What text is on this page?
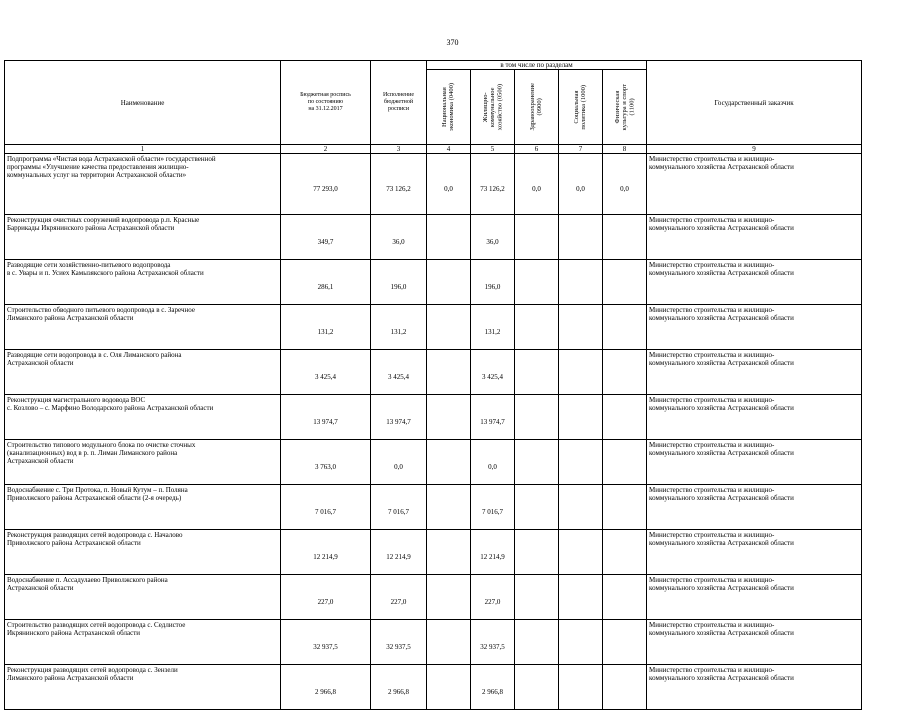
370
Наименование	Бюджетная роспись
по состоянию
на 31.12.2017	Исполнение
бюджетной
росписи	в том числе по разделам					Государственный заказчик

			Национальная
экономика (0400)	Жилищно-
коммунальное
хозяйство (0500)	Здравоохранение
(0900)	Социальная
политика (1000)	Физическая
культура и спорт
(1100)	

1	2	3	4	5	6	7	8	9
Подпрограмма «Чистая вода Астраханской области» государственной
программы «Улучшение качества предоставления жилищно-
коммунальных услуг на территории Астраханской области»	77 293,0	73 126,2	0,0	73 126,2	0,0	0,0	0,0	Министерство строительства и жилищно-
коммунального хозяйства Астраханской области
Реконструкция очистных сооружений водопровода р.п. Красные
Баррикады Икрянинского района Астраханской области	349,7	36,0		36,0				Министерство строительства и жилищно-
коммунального хозяйства Астраханской области
Разводящие сети хозяйственно-питьевого водопровода
в с. Увары и п. Усиех Камызякского района Астраханской области	286,1	196,0		196,0				Министерство строительства и жилищно-
коммунального хозяйства Астраханской области
Строительство обводного питьевого водопровода в с. Заречное
Лиманского района Астраханской области	131,2	131,2		131,2				Министерство строительства и жилищно-
коммунального хозяйства Астраханской области
Разводящие сети водопровода в с. Оля Лиманского района
Астраханской области	3 425,4	3 425,4		3 425,4				Министерство строительства и жилищно-
коммунального хозяйства Астраханской области
Реконструкция магистрального водовода ВОС
с. Козлово – с. Марфино Володарского района Астраханской области	13 974,7	13 974,7		13 974,7				Министерство строительства и жилищно-
коммунального хозяйства Астраханской области
Строительство типового модульного блока по очистке сточных
(канализационных) вод в р. п. Лиман Лиманского района
Астраханской области	3 763,0	0,0		0,0				Министерство строительства и жилищно-
коммунального хозяйства Астраханской области
Водоснабжение с. Три Протока, п. Новый Кутум – п. Поляна
Приволжского района Астраханской области (2-я очередь)	7 016,7	7 016,7		7 016,7				Министерство строительства и жилищно-
коммунального хозяйства Астраханской области
Реконструкция разводящих сетей водопровода с. Началово
Приволжского района Астраханской области	12 214,9	12 214,9		12 214,9				Министерство строительства и жилищно-
коммунального хозяйства Астраханской области
Водоснабжение п. Ассадулаево Приволжского района
Астраханской области	227,0	227,0		227,0				Министерство строительства и жилищно-
коммунального хозяйства Астраханской области
Строительство разводящих сетей водопровода с. Седлистое
Икрянинского района Астраханской области	32 937,5	32 937,5		32 937,5				Министерство строительства и жилищно-
коммунального хозяйства Астраханской области
Реконструкция разводящих сетей водопровода с. Зензели
Лиманского района Астраханской области	2 966,8	2 966,8		2 966,8				Министерство строительства и жилищно-
коммунального хозяйства Астраханской области
